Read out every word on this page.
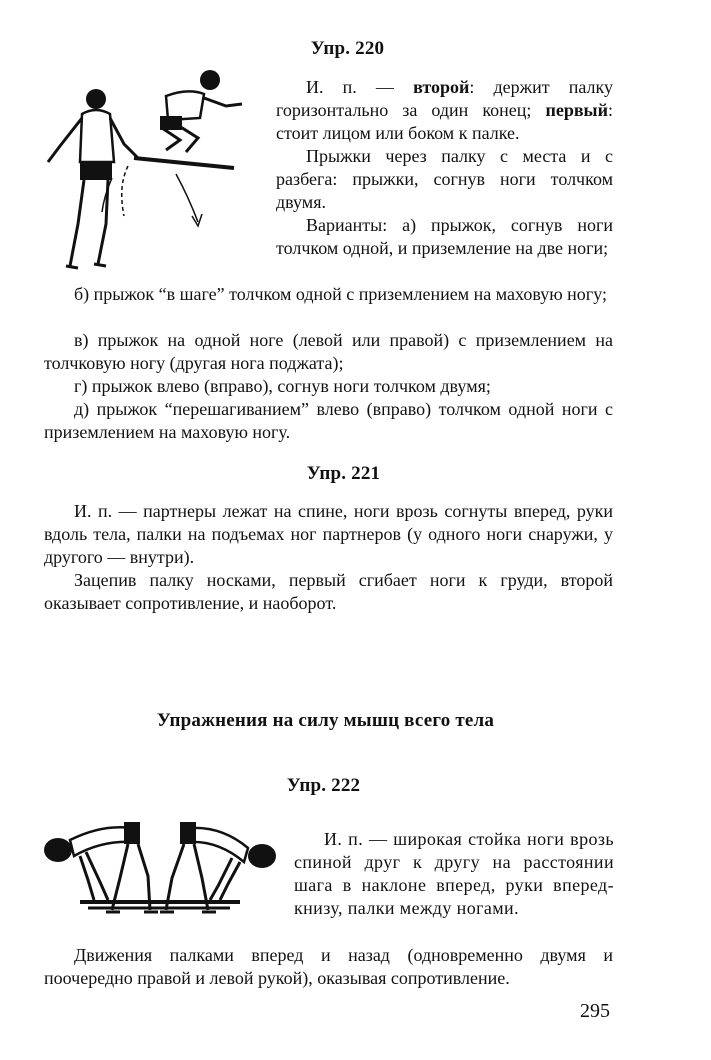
Упр. 220

И. п. — второй: держит палку горизонтально за один конец; первый: стоит лицом или боком к палке.

Прыжки через палку с места и с разбега: прыжки, согнув ноги толчком двумя.

Варианты: а) прыжок, согнув ноги толчком одной, и приземление на две ноги;

б) прыжок “в шаге” толчком одной с приземлением на маховую ногу;

в) прыжок на одной ноге (левой или правой) с приземлением на толчковую ногу (другая нога поджата);

г) прыжок влево (вправо), согнув ноги толчком двумя;

д) прыжок “перешагиванием” влево (вправо) толчком одной ноги с приземлением на маховую ногу.

Упр. 221

И. п. — партнеры лежат на спине, ноги врозь согнуты вперед, руки вдоль тела, палки на подъемах ног партнеров (у одного ноги снаружи, у другого — внутри).

Зацепив палку носками, первый сгибает ноги к груди, второй оказывает сопротивление, и наоборот.

Упражнения на силу мышц всего тела
Упр. 222

И. п. — широкая стойка ноги врозь спиной друг к другу на расстоянии шага в наклоне вперед, руки вперед-книзу, палки между ногами.

Движения палками вперед и назад (одновременно двумя и поочередно правой и левой рукой), оказывая сопротивление.

295
